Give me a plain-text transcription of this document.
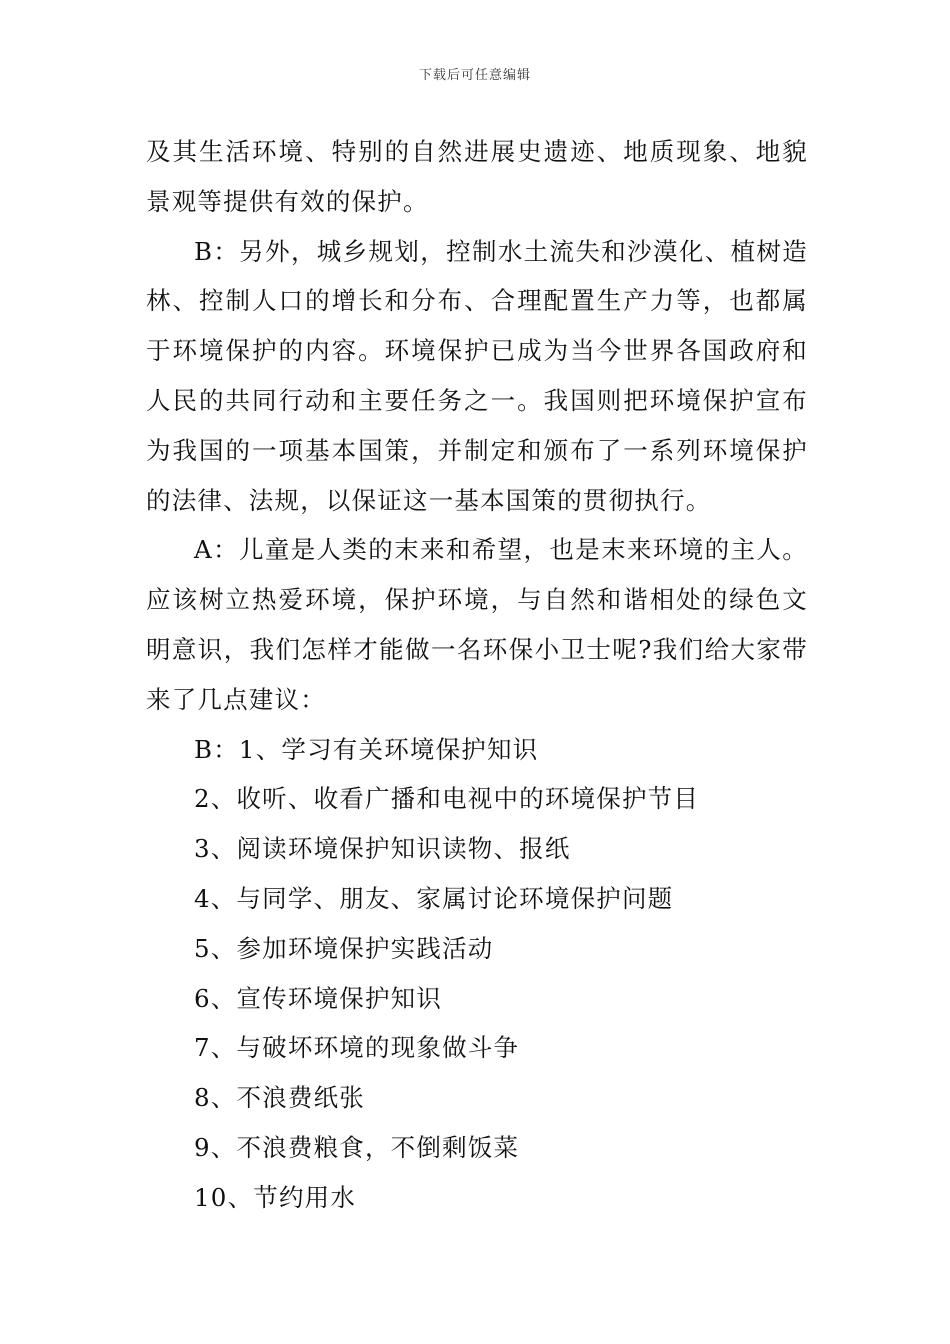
下载后可任意编辑

及其生活环境、特别的自然进展史遗迹、地质现象、地貌景观等提供有效的保护。

B：另外，城乡规划，控制水土流失和沙漠化、植树造林、控制人口的增长和分布、合理配置生产力等，也都属于环境保护的内容。环境保护已成为当今世界各国政府和人民的共同行动和主要任务之一。我国则把环境保护宣布为我国的一项基本国策，并制定和颁布了一系列环境保护的法律、法规，以保证这一基本国策的贯彻执行。

A：儿童是人类的末来和希望，也是末来环境的主人。应该树立热爱环境，保护环境，与自然和谐相处的绿色文明意识，我们怎样才能做一名环保小卫士呢?我们给大家带来了几点建议：

B：1、学习有关环境保护知识

2、收听、收看广播和电视中的环境保护节目

3、阅读环境保护知识读物、报纸

4、与同学、朋友、家属讨论环境保护问题

5、参加环境保护实践活动

6、宣传环境保护知识

7、与破坏环境的现象做斗争

8、不浪费纸张

9、不浪费粮食，不倒剩饭菜

10、节约用水
